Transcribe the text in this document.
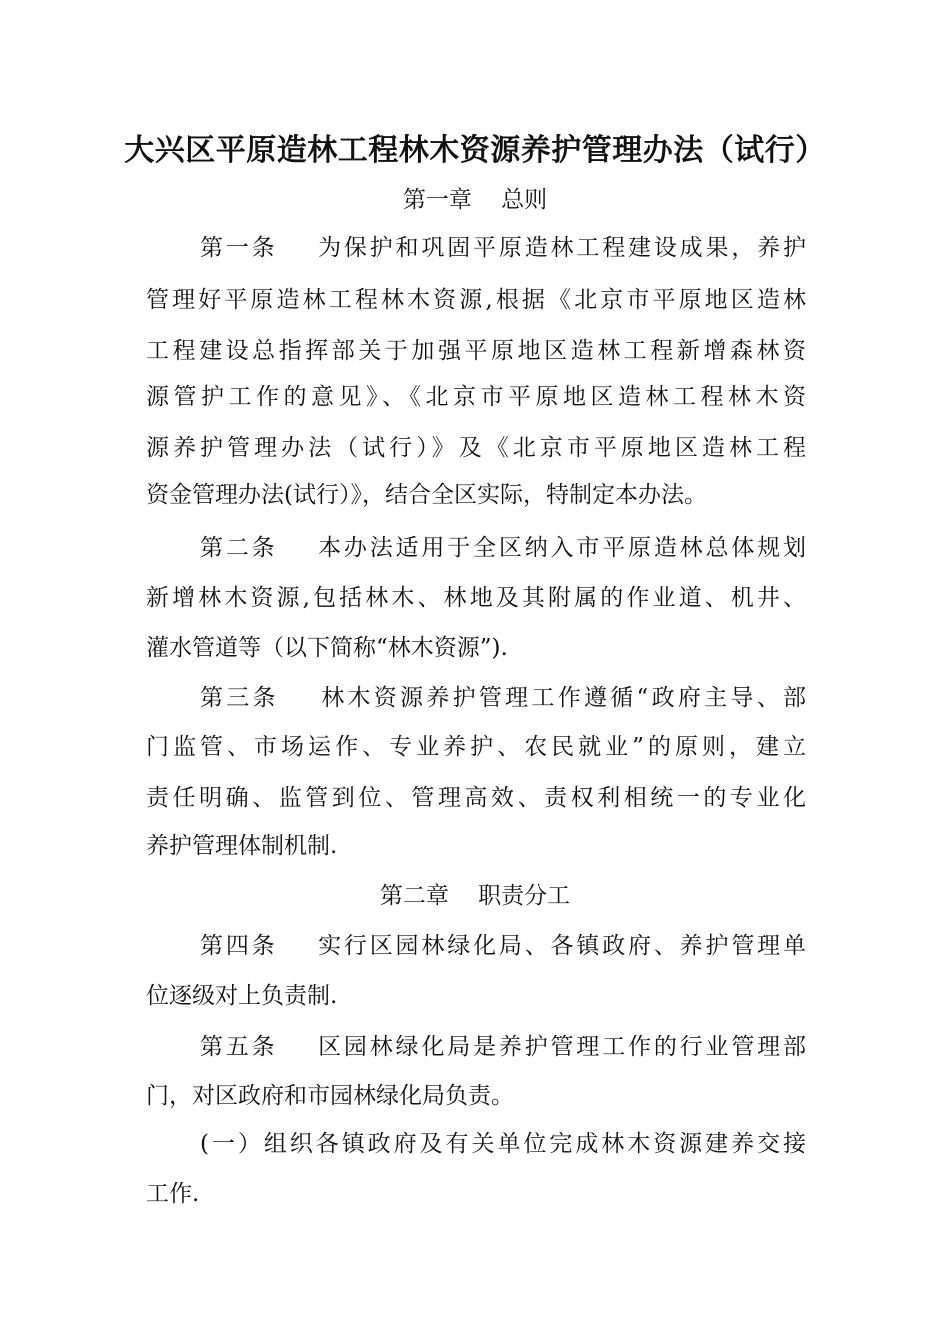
大兴区平原造林工程林木资源养护管理办法（试行）
第一章    总则
第一条    为保护和巩固平原造林工程建设成果，养护
管理好平原造林工程林木资源,根据《北京市平原地区造林
工程建设总指挥部关于加强平原地区造林工程新增森林资
源管护工作的意见》、《北京市平原地区造林工程林木资
源养护管理办法（试行）》及《北京市平原地区造林工程
资金管理办法(试行）》，结合全区实际，特制定本办法。
第二条    本办法适用于全区纳入市平原造林总体规划
新增林木资源,包括林木、林地及其附属的作业道、机井、
灌水管道等（以下简称“林木资源”).
第三条    林木资源养护管理工作遵循“政府主导、部
门监管、市场运作、专业养护、农民就业”的原则，建立
责任明确、监管到位、管理高效、责权利相统一的专业化
养护管理体制机制.
第二章    职责分工
第四条    实行区园林绿化局、各镇政府、养护管理单
位逐级对上负责制.
第五条    区园林绿化局是养护管理工作的行业管理部
门，对区政府和市园林绿化局负责。
(一）组织各镇政府及有关单位完成林木资源建养交接
工作.
